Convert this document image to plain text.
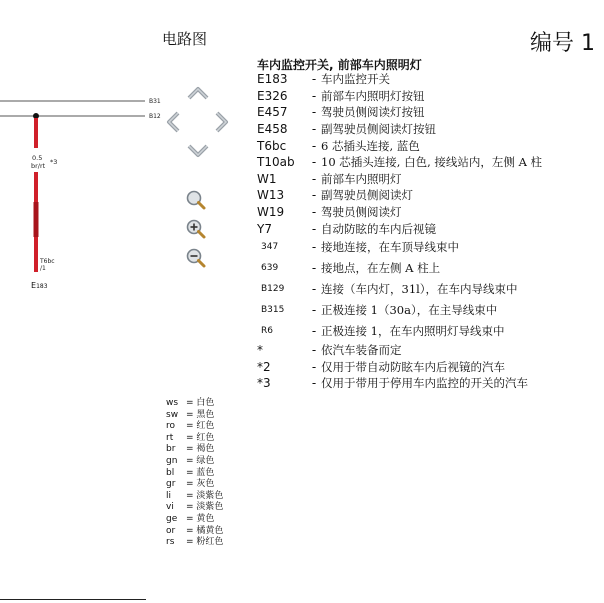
B31
B12
0.5
br/rt *3
T6bc
/1
E183
电路图	编号 1
车内监控开关, 前部车内照明灯
E183	- 车内监控开关
E326	- 前部车内照明灯按钮
E457	- 驾驶员侧阅读灯按钮
E458	- 副驾驶员侧阅读灯按钮
T6bc	- 6 芯插头连接, 蓝色
T10ab	- 10 芯插头连接, 白色, 接线站内，左侧 A 柱
W1	- 前部车内照明灯
W13	- 副驾驶员侧阅读灯
W19	- 驾驶员侧阅读灯
Y7	- 自动防眩的车内后视镜
347	- 接地连接，在车顶导线束中
639	- 接地点，在左侧 A 柱上
B129	- 连接（车内灯，31l），在车内导线束中
B315	- 正极连接 1（30a），在主导线束中
R6	- 正极连接 1，在车内照明灯导线束中
*	- 依汽车装备而定
*2	- 仅用于带自动防眩车内后视镜的汽车
*3	- 仅用于带用于停用车内监控的开关的汽车
ws = 白色
sw = 黑色
ro = 红色
rt = 红色
br = 褐色
gn = 绿色
bl = 蓝色
gr = 灰色
li = 淡紫色
vi = 淡紫色
ge = 黄色
or = 橘黄色
rs = 粉红色
